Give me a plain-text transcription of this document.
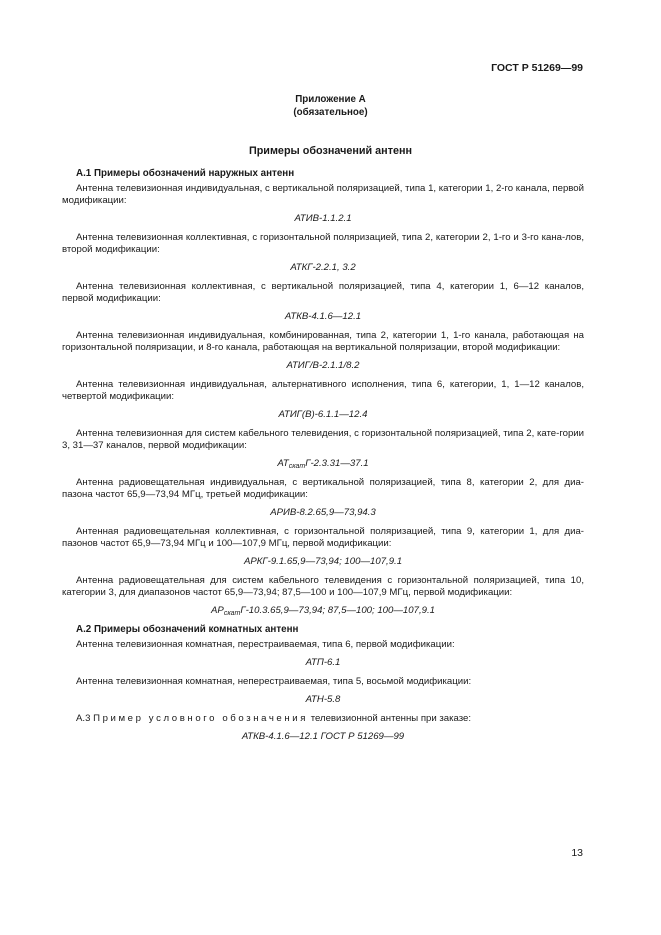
ГОСТ Р 51269—99
Приложение А
(обязательное)
Примеры обозначений антенн
А.1 Примеры обозначений наружных антенн

Антенна телевизионная индивидуальная, с вертикальной поляризацией, типа 1, категории 1, 2-го канала, первой модификации:

АТИВ-1.1.2.1

Антенна телевизионная коллективная, с горизонтальной поляризацией, типа 2, категории 2, 1-го и 3-го кана-лов, второй модификации:

АТКГ-2.2.1, 3.2

Антенна телевизионная коллективная, с вертикальной поляризацией, типа 4, категории 1, 6—12 каналов, первой модификации:

АТКВ-4.1.6—12.1

Антенна телевизионная индивидуальная, комбинированная, типа 2, категории 1, 1-го канала, работающая на горизонтальной поляризации, и 8-го канала, работающая на вертикальной поляризации, второй модификации:

АТИГ/В-2.1.1/8.2

Антенна телевизионная индивидуальная, альтернативного исполнения, типа 6, категории, 1, 1—12 каналов, четвертой модификации:

АТИГ(В)-6.1.1—12.4

Антенна телевизионная для систем кабельного телевидения, с горизонтальной поляризацией, типа 2, кате-гории 3, 31—37 каналов, первой модификации:

$АТ_{скат}Г-2.3.31—37.1$

Антенна радиовещательная индивидуальная, с вертикальной поляризацией, типа 8, категории 2, для диа-пазона частот 65,9—73,94 МГц, третьей модификации:

АРИВ-8.2.65,9—73,94.3

Антенная радиовещательная коллективная, с горизонтальной поляризацией, типа 9, категории 1, для диа-пазонов частот 65,9—73,94 МГц и 100—107,9 МГц, первой модификации:

АРКГ-9.1.65,9—73,94; 100—107,9.1

Антенна радиовещательная для систем кабельного телевидения с горизонтальной поляризацией, типа 10, категории 3, для диапазонов частот 65,9—73,94; 87,5—100 и 100—107,9 МГц, первой модификации:

$АР_{скат}Г-10.3.65,9—73,94$; 87,5—100; 100—107,9.1
А.2 Примеры обозначений комнатных антенн

Антенна телевизионная комнатная, перестраиваемая, типа 6, первой модификации:

АТП-6.1

Антенна телевизионная комнатная, неперестраиваемая, типа 5, восьмой модификации:

АТН-5.8

А.3 Пример условного обозначения телевизионной антенны при заказе:

АТКВ-4.1.6—12.1 ГОСТ Р 51269—99
13
